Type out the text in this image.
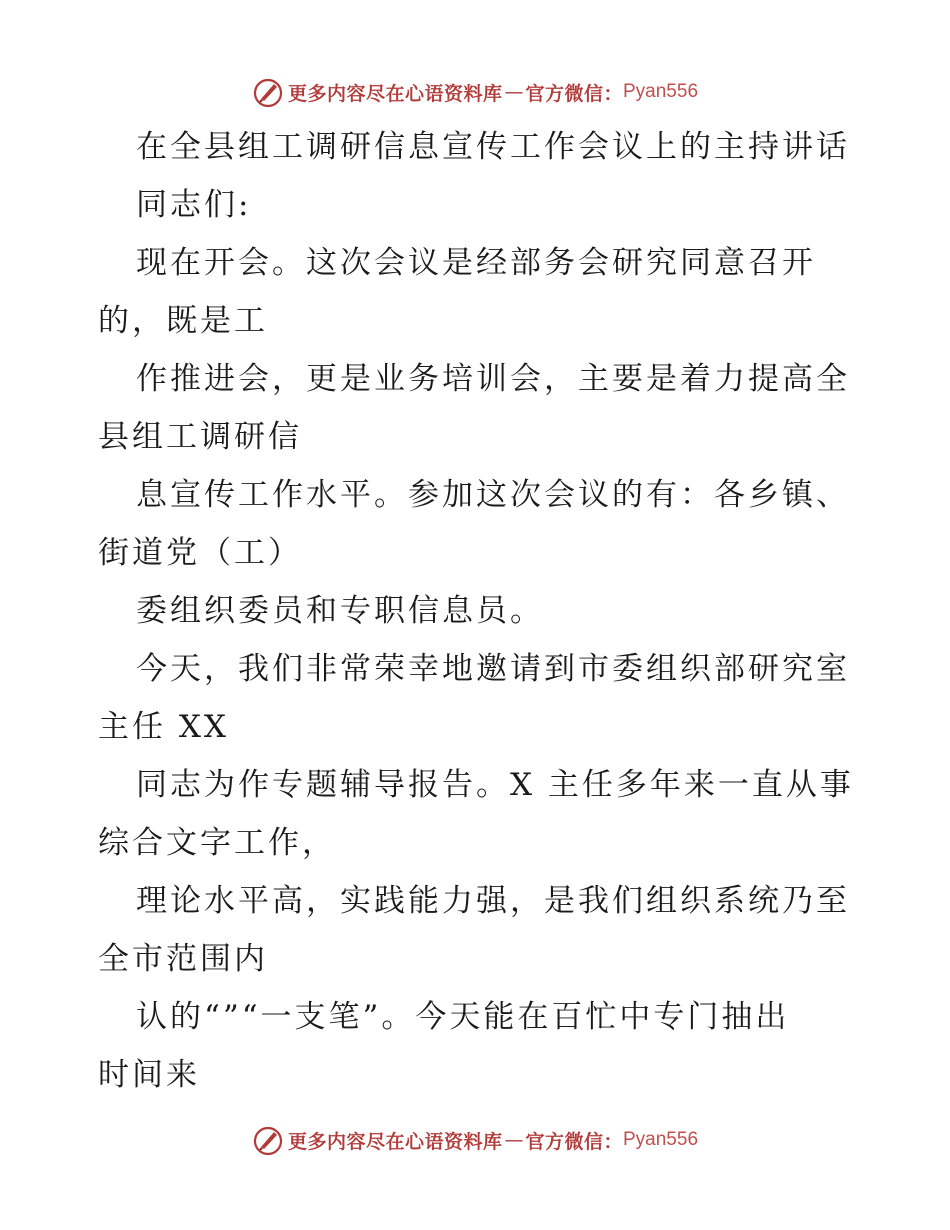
更多内容尽在心语资料库 — 官方微信： Pyan556
在全县组工调研信息宣传工作会议上的主持讲话
同志们:
现在开会。这次会议是经部务会研究同意召开
的，既是工
作推进会，更是业务培训会，主要是着力提高全
县组工调研信
息宣传工作水平。参加这次会议的有：各乡镇、
街道党（工）
委组织委员和专职信息员。
今天，我们非常荣幸地邀请到市委组织部研究室
主任 XX
同志为作专题辅导报告。X 主任多年来一直从事
综合文字工作，
理论水平高，实践能力强，是我们组织系统乃至
全市范围内
认的“”“一支笔”。今天能在百忙中专门抽出
时间来
更多内容尽在心语资料库 — 官方微信： Pyan556
